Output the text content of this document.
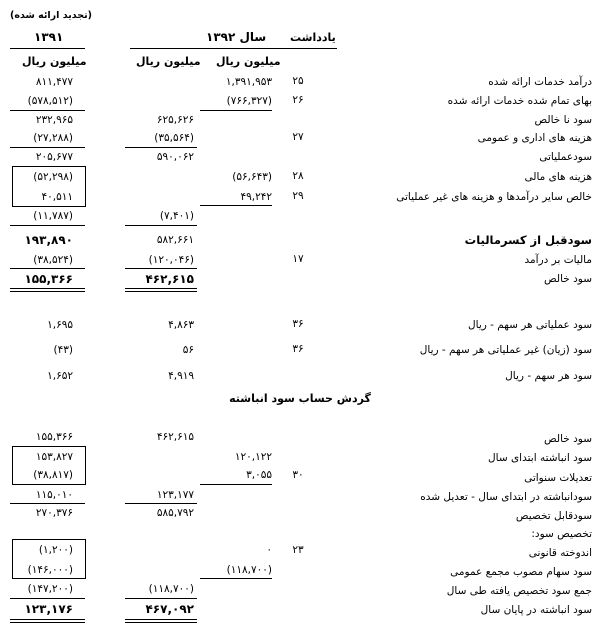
(تجدید ارائه شده)
۱۳۹۱	سال ۱۳۹۲ یادداشت
میلیون ریال	میلیون ریال میلیون ریال
درآمد خدمات ارائه شده
۲۵
۱,۳۹۱,۹۵۳
۸۱۱,۴۷۷
بهای تمام شده خدمات ارائه شده
۲۶
(۷۶۶,۳۲۷)
(۵۷۸,۵۱۲)
سود نا خالص
۶۲۵,۶۲۶
۲۳۲,۹۶۵
هزینه های اداری و عمومی
۲۷
(۳۵,۵۶۴)
(۲۷,۲۸۸)
سودعملیاتی
۵۹۰,۰۶۲
۲۰۵,۶۷۷
هزینه های مالی
۲۸
(۵۶,۶۴۳)
(۵۲,۲۹۸)
خالص سایر درآمدها و هزینه های غیر عملیاتی
۲۹
۴۹,۲۴۲
۴۰,۵۱۱
(۷,۴۰۱)
(۱۱,۷۸۷)
سودقبل از کسرمالیات
۵۸۲,۶۶۱
۱۹۳,۸۹۰
مالیات بر درآمد
۱۷
(۱۲۰,۰۴۶)
(۳۸,۵۲۴)
سود خالص
۴۶۲,۶۱۵
۱۵۵,۳۶۶
سود عملیاتی هر سهم - ریال
۳۶
۴,۸۶۳
۱,۶۹۵
سود (زیان) غیر عملیاتی هر سهم - ریال
۳۶
۵۶
(۴۳)
سود هر سهم - ریال
۴,۹۱۹
۱,۶۵۲
گردش حساب سود انباشته
سود خالص
۴۶۲,۶۱۵
۱۵۵,۳۶۶
سود انباشته ابتدای سال
۱۲۰,۱۲۲
۱۵۳,۸۲۷
تعدیلات سنواتی
۳۰
۳,۰۵۵
(۳۸,۸۱۷)
سودانباشته در ابتدای سال - تعدیل شده
۱۲۳,۱۷۷
۱۱۵,۰۱۰
سودقابل تخصیص
۵۸۵,۷۹۲
۲۷۰,۳۷۶
تخصیص سود:
اندوخته قانونی
۲۳
۰
(۱,۲۰۰)
سود سهام مصوب مجمع عمومی
(۱۱۸,۷۰۰)
(۱۴۶,۰۰۰)
جمع سود تخصیص یافته طی سال
(۱۱۸,۷۰۰)
(۱۴۷,۲۰۰)
سود انباشته در پایان سال
۴۶۷,۰۹۲
۱۲۳,۱۷۶
